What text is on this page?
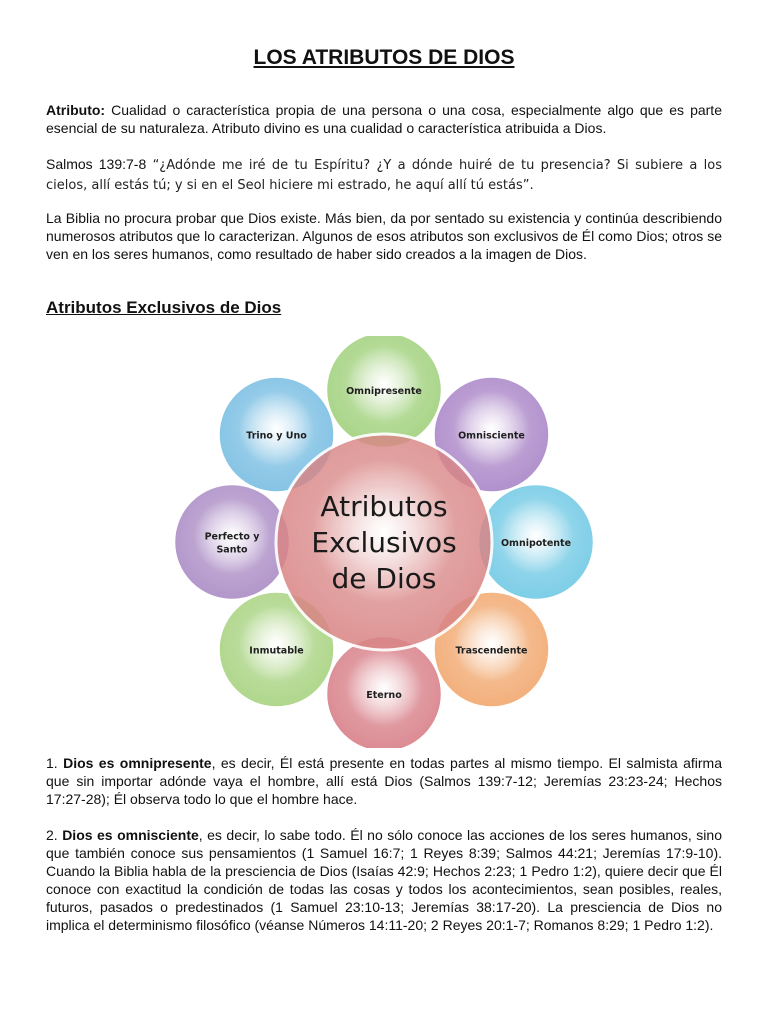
LOS ATRIBUTOS DE DIOS

Atributo: Cualidad o característica propia de una persona o una cosa, especialmente algo que es parte esencial de su naturaleza. Atributo divino es una cualidad o característica atribuida a Dios.

Salmos 139:7-8 “¿Adónde me iré de tu Espíritu? ¿Y a dónde huiré de tu presencia? Si subiere a los cielos, allí estás tú; y si en el Seol hiciere mi estrado, he aquí allí tú estás”.

La Biblia no procura probar que Dios existe. Más bien, da por sentado su existencia y continúa describiendo numerosos atributos que lo caracterizan. Algunos de esos atributos son exclusivos de Él como Dios; otros se ven en los seres humanos, como resultado de haber sido creados a la imagen de Dios.

Atributos Exclusivos de Dios

1. Dios es omnipresente, es decir, Él está presente en todas partes al mismo tiempo. El salmista afirma que sin importar adónde vaya el hombre, allí está Dios (Salmos 139:7-12; Jeremías 23:23-24; Hechos 17:27-28); Él observa todo lo que el hombre hace.

2. Dios es omnisciente, es decir, lo sabe todo. Él no sólo conoce las acciones de los seres humanos, sino que también conoce sus pensamientos (1 Samuel 16:7; 1 Reyes 8:39; Salmos 44:21; Jeremías 17:9-10). Cuando la Biblia habla de la presciencia de Dios (Isaías 42:9; Hechos 2:23; 1 Pedro 1:2), quiere decir que Él conoce con exactitud la condición de todas las cosas y todos los acontecimientos, sean posibles, reales, futuros, pasados o predestinados (1 Samuel 23:10-13; Jeremías 38:17-20). La presciencia de Dios no implica el determinismo filosófico (véanse Números 14:11-20; 2 Reyes 20:1-7; Romanos 8:29; 1 Pedro 1:2).

Atributos
Exclusivos
de Dios
Omnipresente
Omnisciente
Omnipotente
Trascendente
Eterno
Inmutable
Perfecto y
Santo
Trino y Uno
